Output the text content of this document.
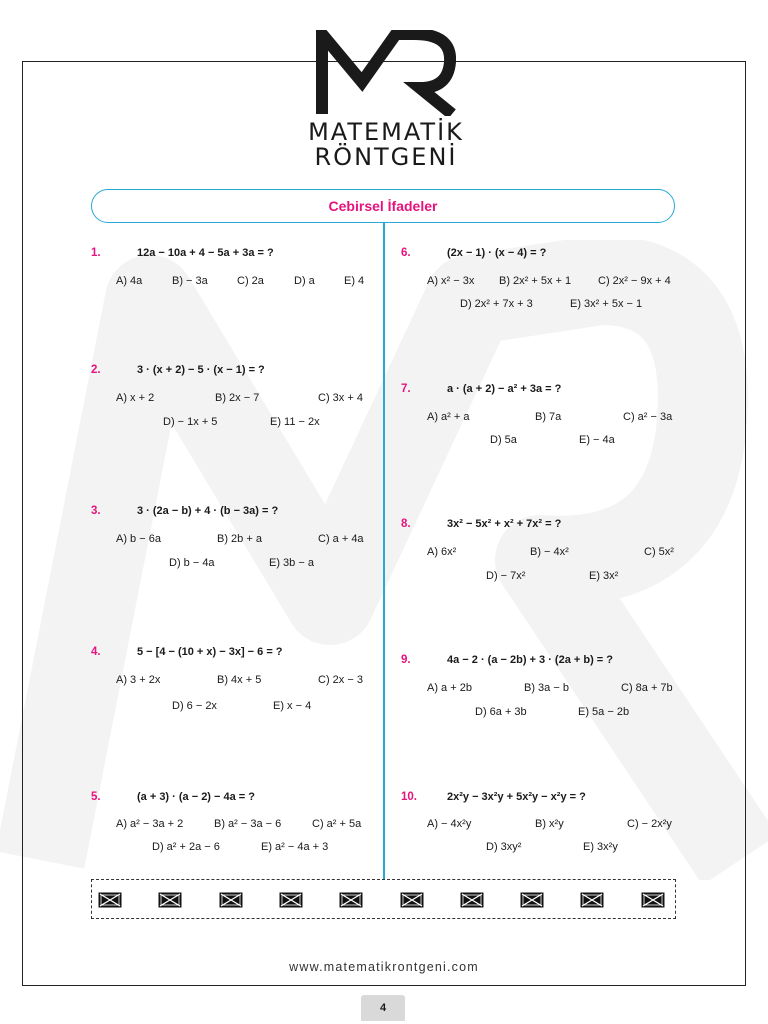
MATEMATİK
RÖNTGENİ
Cebirsel İfadeler
1.	12a − 10a + 4 − 5a + 3a = ?
A) 4a	B) − 3a	C) 2a	D) a	E) 4
2.	3 · (x + 2) − 5 · (x − 1) = ?
A) x + 2	B) 2x − 7	C) 3x + 4
D) − 1x + 5	E) 11 − 2x
3.	3 · (2a − b) + 4 · (b − 3a) = ?
A) b − 6a	B) 2b + a	C) a + 4a
D) b − 4a	E) 3b − a
4.	5 − [4 − (10 + x) − 3x] − 6 = ?
A) 3 + 2x	B) 4x + 5	C) 2x − 3
D) 6 − 2x	E) x − 4
5.	(a + 3) · (a − 2) − 4a = ?
A) a² − 3a + 2	B) a² − 3a − 6	C) a² + 5a
D) a² + 2a − 6	E) a² − 4a + 3
6.	(2x − 1) · (x − 4) = ?
A) x² − 3x B) 2x² + 5x + 1 C) 2x² − 9x + 4
D) 2x² + 7x + 3	E) 3x² + 5x − 1
7.	a · (a + 2) − a² + 3a = ?
A) a² + a	B) 7a	C) a² − 3a
D) 5a	E) − 4a
8.	3x² − 5x² + x² + 7x² = ?
A) 6x²	B) − 4x²	C) 5x²
D) − 7x²	E) 3x²
9.	4a − 2 · (a − 2b) + 3 · (2a + b) = ?
A) a + 2b	B) 3a − b	C) 8a + 7b
D) 6a + 3b	E) 5a − 2b
10.	2x²y − 3x²y + 5x²y − x²y = ?
A) − 4x²y	B) x²y	C) − 2x²y
D) 3xy²	E) 3x²y
www.matematikrontgeni.com
4
